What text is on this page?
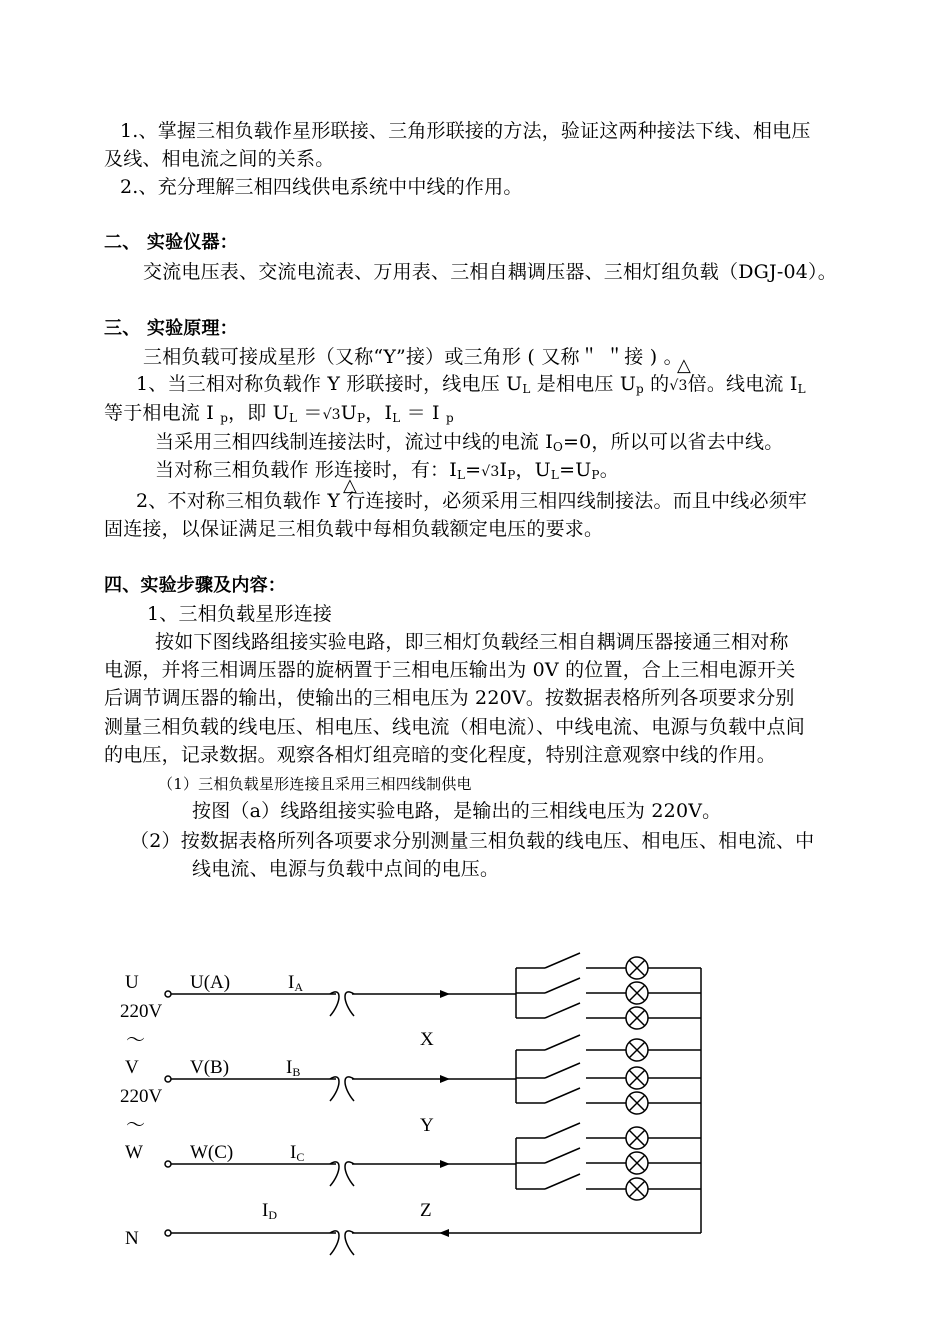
1.、掌握三相负载作星形联接、三角形联接的方法，验证这两种接法下线、相电压
及线、相电流之间的关系。
2.、充分理解三相四线供电系统中中线的作用。
二、 实验仪器：
交流电压表、交流电流表、万用表、三相自耦调压器、三相灯组负载（DGJ-04）。
三、 实验原理：
三相负载可接成星形（又称“Y”接）或三角形 ( 又称＂ ＂接 ) 。
△
1、当三相对称负载作 Y 形联接时，线电压 $U_L$ 是相电压 $U_p$ 的√3倍。线电流 $I_L$
等于相电流 I $_p$，即 $U_L =√3U_P$，$I_L = I$ $_p$
当采用三相四线制连接法时，流过中线的电流 $I_O=0$，所以可以省去中线。
当对称三相负载作 形连接时，有：$I_L=√3I_P$，$U_L=U_P$。
△
2、不对称三相负载作 Y 行连接时，必须采用三相四线制接法。而且中线必须牢
固连接，以保证满足三相负载中每相负载额定电压的要求。
四、实验步骤及内容：
1、三相负载星形连接
按如下图线路组接实验电路，即三相灯负载经三相自耦调压器接通三相对称
电源，并将三相调压器的旋柄置于三相电压输出为 0V 的位置，合上三相电源开关
后调节调压器的输出，使输出的三相电压为 220V。按数据表格所列各项要求分别
测量三相负载的线电压、相电压、线电流（相电流）、中线电流、电源与负载中点间
的电压，记录数据。观察各相灯组亮暗的变化程度，特别注意观察中线的作用。
（1）三相负载星形连接且采用三相四线制供电
按图（a）线路组接实验电路，是输出的三相线电压为 220V。
（2）按数据表格所列各项要求分别测量三相负载的线电压、相电压、相电流、中
线电流、电源与负载中点间的电压。
U
220V
～
V
220V
～
W
N
U(A)
V(B)
W(C)
IA
IB
IC
ID
X
Y
Z
